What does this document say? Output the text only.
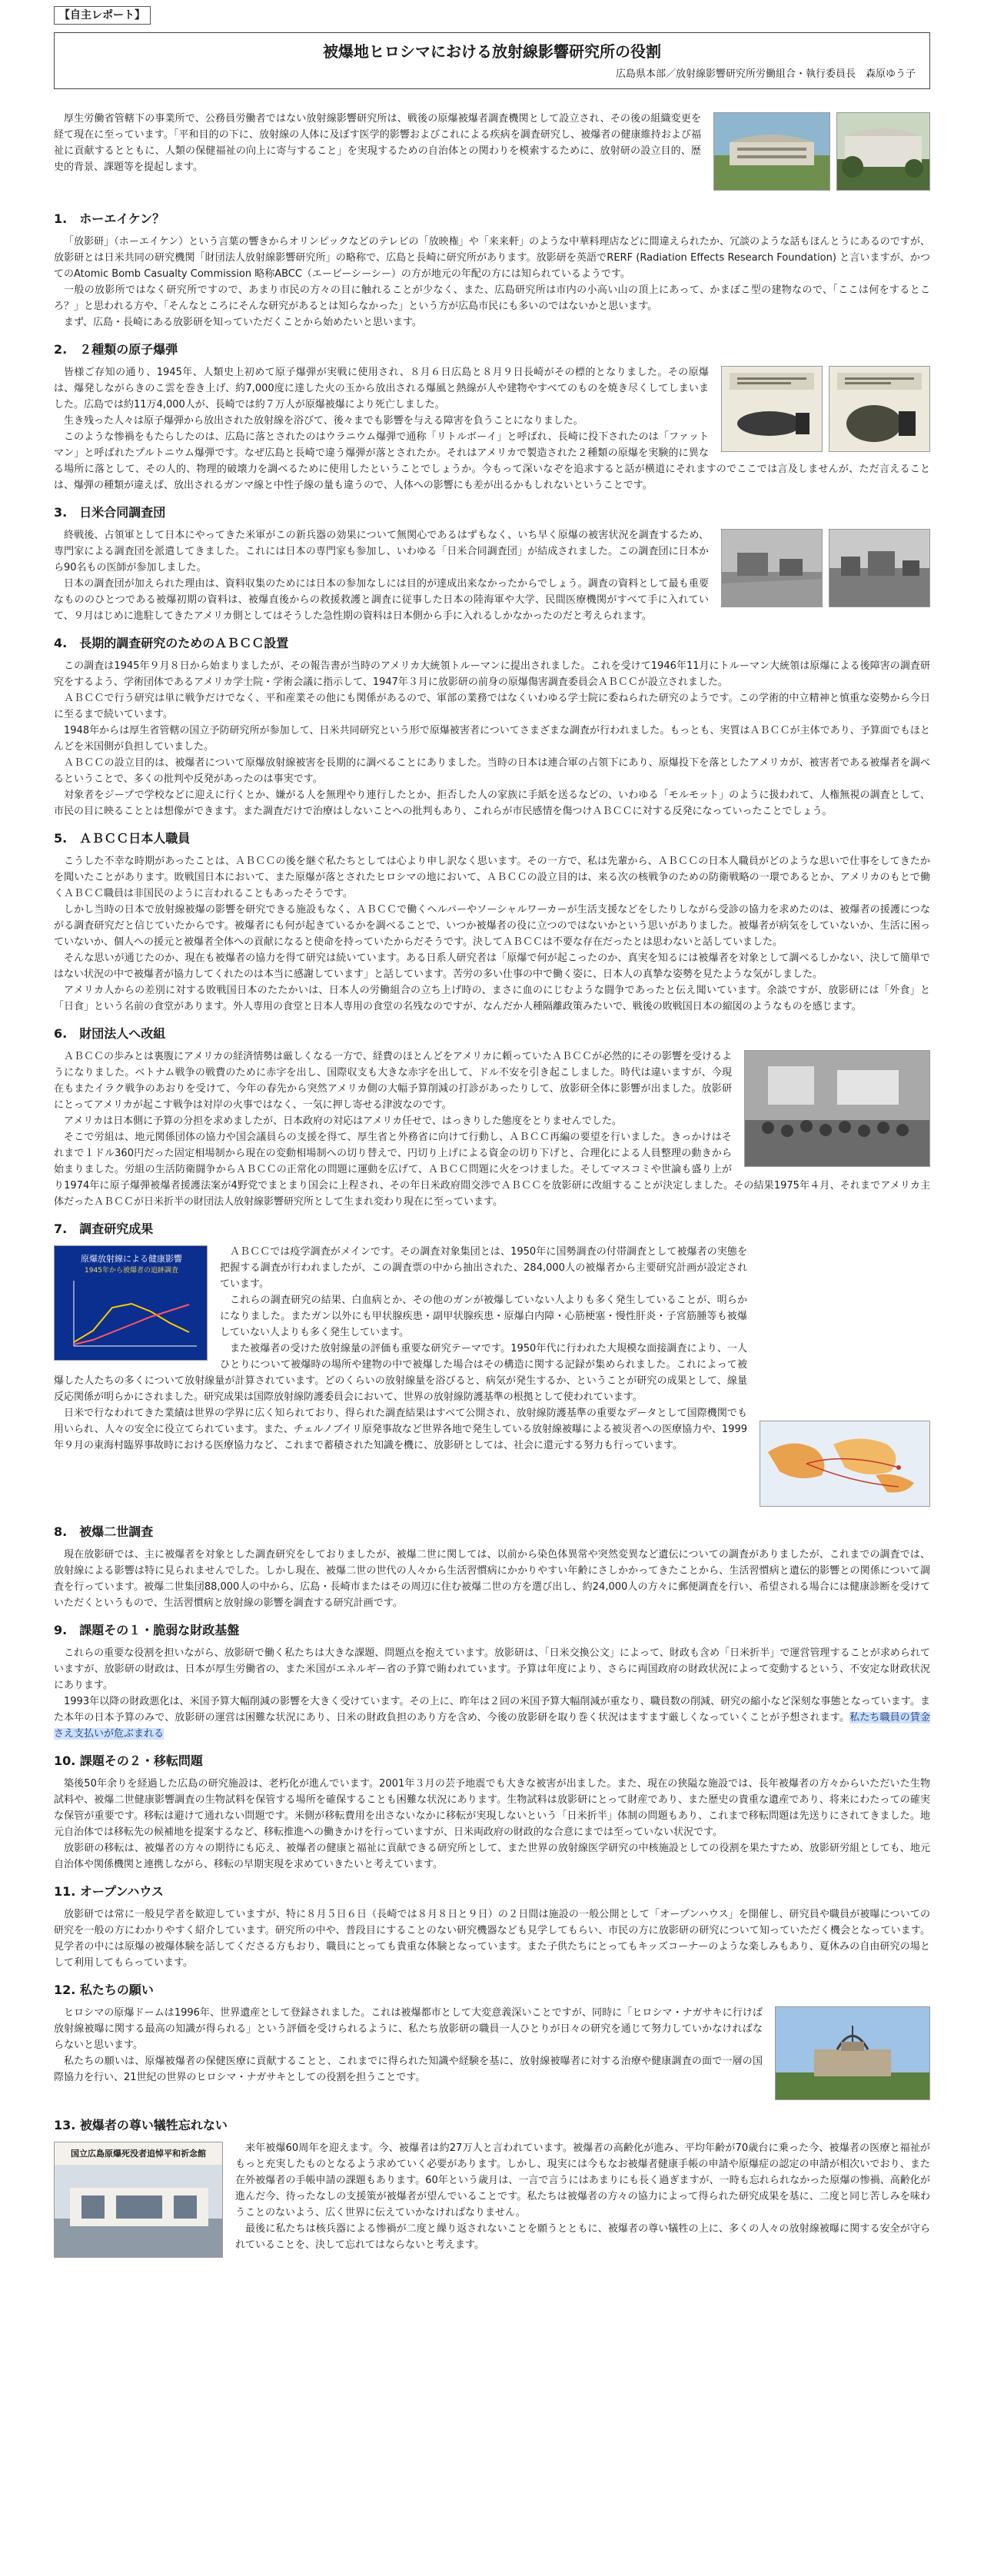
【自主レポート】
被爆地ヒロシマにおける放射線影響研究所の役割
広島県本部／放射線影響研究所労働組合・執行委員長　森原ゆう子

厚生労働省管轄下の事業所で、公務員労働者ではない放射線影響研究所は、戦後の原爆被爆者調査機関として設立され、その後の組織変更を経て現在に至っています。「平和目的の下に、放射線の人体に及ぼす医学的影響およびこれによる疾病を調査研究し、被爆者の健康維持および福祉に貢献するとともに、人類の保健福祉の向上に寄与すること」を実現するための自治体との関わりを模索するために、放射研の設立目的、歴史的背景、課題等を提起します。

1.　ホーエイケン？

「放影研」（ホーエイケン）という言葉の響きからオリンピックなどのテレビの「放映権」や「来来軒」のような中華料理店などに間違えられたか、冗談のような話もほんとうにあるのですが、放影研とは日米共同の研究機関「財団法人放射線影響研究所」の略称で、広島と長崎に研究所があります。放影研を英語でRERF (Radiation Effects Research Foundation) と言いますが、かつてのAtomic Bomb Casualty Commission 略称ABCC（エービーシーシー）の方が地元の年配の方には知られているようです。

一般の放影所ではなく研究所ですので、あまり市民の方々の目に触れることが少なく、また、広島研究所は市内の小高い山の頂上にあって、かまぼこ型の建物なので、「ここは何をするところ？」と思われる方や、「そんなところにそんな研究があるとは知らなかった」という方が広島市民にも多いのではないかと思います。

まず、広島・長崎にある放影研を知っていただくことから始めたいと思います。

2.　２種類の原子爆弾

皆様ご存知の通り、1945年、人類史上初めて原子爆弾が実戦に使用され、８月６日広島と８月９日長崎がその標的となりました。その原爆は、爆発しながらきのこ雲を巻き上げ、約7,000度に達した火の玉から放出される爆風と熱線が人や建物やすべてのものを焼き尽くしてしまいました。広島では約11万4,000人が、長崎では約７万人が原爆被爆により死亡しました。

生き残った人々は原子爆弾から放出された放射線を浴びて、後々までも影響を与える障害を負うことになりました。

このような惨禍をもたらしたのは、広島に落とされたのはウラニウム爆弾で通称「リトルボーイ」と呼ばれ、長崎に投下されたのは「ファットマン」と呼ばれたプルトニウム爆弾です。なぜ広島と長崎で違う爆弾が落とされたか。それはアメリカで製造された２種類の原爆を実験的に異なる場所に落として、その人的、物理的破壊力を調べるために使用したということでしょうか。今もって深いなぞを追求すると話が横道にそれますのでここでは言及しませんが、ただ言えることは、爆弾の種類が違えば、放出されるガンマ線と中性子線の量も違うので、人体への影響にも差が出るかもしれないということです。

3.　日米合同調査団

終戦後、占領軍として日本にやってきた米軍がこの新兵器の効果について無関心であるはずもなく、いち早く原爆の被害状況を調査するため、専門家による調査団を派遣してきました。これには日本の専門家も参加し、いわゆる「日米合同調査団」が結成されました。この調査団に日本から90名もの医師が参加しました。

日本の調査団が加えられた理由は、資料収集のためには日本の参加なしには目的が達成出来なかったからでしょう。調査の資料として最も重要なもののひとつである被爆初期の資料は、被爆直後からの救援救護と調査に従事した日本の陸海軍や大学、民間医療機関がすべて手に入れていて、９月はじめに進駐してきたアメリカ側としてはそうした急性期の資料は日本側から手に入れるしかなかったのだと考えられます。

4.　長期的調査研究のためのＡＢＣＣ設置

この調査は1945年９月８日から始まりましたが、その報告書が当時のアメリカ大統領トルーマンに提出されました。これを受けて1946年11月にトルーマン大統領は原爆による後障害の調査研究をするよう、学術団体であるアメリカ学士院・学術会議に指示して、1947年３月に放影研の前身の原爆傷害調査委員会ＡＢＣＣが設立されました。

ＡＢＣＣで行う研究は単に戦争だけでなく、平和産業その他にも関係があるので、軍部の業務ではなくいわゆる学士院に委ねられた研究のようです。この学術的中立精神と慎重な姿勢から今日に至るまで続いています。

1948年からは厚生省管轄の国立予防研究所が参加して、日米共同研究という形で原爆被害者についてさまざまな調査が行われました。もっとも、実質はＡＢＣＣが主体であり、予算面でもほとんどを米国側が負担していました。

ＡＢＣＣの設立目的は、被爆者について原爆放射線被害を長期的に調べることにありました。当時の日本は連合軍の占領下にあり、原爆投下を落としたアメリカが、被害者である被爆者を調べるということで、多くの批判や反発があったのは事実です。

対象者をジープで学校などに迎えに行くとか、嫌がる人を無理やり連行したとか、拒否した人の家族に手紙を送るなどの、いわゆる「モルモット」のように扱われて、人権無視の調査として、市民の目に映ることとは想像ができます。また調査だけで治療はしないことへの批判もあり、これらが市民感情を傷つけＡＢＣＣに対する反発になっていったことでしょう。

5.　ＡＢＣＣ日本人職員

こうした不幸な時期があったことは、ＡＢＣＣの後を継ぐ私たちとしては心より申し訳なく思います。その一方で、私は先輩から、ＡＢＣＣの日本人職員がどのような思いで仕事をしてきたかを聞いたことがあります。敗戦国日本において、また原爆が落とされたヒロシマの地において、ＡＢＣＣの設立目的は、来る次の核戦争のための防衛戦略の一環であるとか、アメリカのもとで働くＡＢＣＣ職員は非国民のように言われることもあったそうです。

しかし当時の日本で放射線被爆の影響を研究できる施設もなく、ＡＢＣＣで働くヘルパーやソーシャルワーカーが生活支援などをしたりしながら受診の協力を求めたのは、被爆者の援護につながる調査研究だと信じていたからです。被爆者にも何が起きているかを調べることで、いつか被爆者の役に立つのではないかという思いがありました。被爆者が病気をしていないか、生活に困っていないか、個人への援元と被爆者全体への貢献になると使命を持っていたからだそうです。決してＡＢＣＣは不要な存在だったとは思わないと話していました。

そんな思いが通じたのか、現在も被爆者の協力を得て研究は続いています。ある日系人研究者は「原爆で何が起こったのか、真実を知るには被爆者を対象として調べるしかない、決して簡単ではない状況の中で被爆者が協力してくれたのは本当に感謝しています」と話しています。苦労の多い仕事の中で働く姿に、日本人の真摯な姿勢を見たような気がしました。

アメリカ人からの差別に対する敗戦国日本のたたかいは、日本人の労働組合の立ち上げ時の、まさに血のにじむような闘争であったと伝え聞いています。余談ですが、放影研には「外食」と「日食」という名前の食堂があります。外人専用の食堂と日本人専用の食堂の名残なのですが、なんだか人種隔離政策みたいで、戦後の敗戦国日本の縮図のようなものを感じます。

6.　財団法人へ改組

ＡＢＣＣの歩みとは裏腹にアメリカの経済情勢は厳しくなる一方で、経費のほとんどをアメリカに頼っていたＡＢＣＣが必然的にその影響を受けるようになりました。ベトナム戦争の戦費のために赤字を出し、国際収支も大きな赤字を出して、ドル不安を引き起こしました。時代は違いますが、今現在もまたイラク戦争のあおりを受けて、今年の春先から突然アメリカ側の大幅予算削減の打診があったりして、放影研全体に影響が出ました。放影研にとってアメリカが起こす戦争は対岸の火事ではなく、一気に押し寄せる津波なのです。

アメリカは日本側に予算の分担を求めましたが、日本政府の対応はアメリカ任せで、はっきりした態度をとりませんでした。

そこで労組は、地元関係団体の協力や国会議員らの支援を得て、厚生省と外務省に向けて行動し、ＡＢＣＣ再編の要望を行いました。きっかけはそれまで１ドル360円だった固定相場制から現在の変動相場制への切り替えで、円切り上げによる資金の切り下げと、合理化による人員整理の動きから始まりました。労組の生活防衛闘争からＡＢＣＣの正常化の問題に運動を広げて、ＡＢＣＣ問題に火をつけました。そしてマスコミや世論も盛り上がり1974年に原子爆弾被爆者援護法案が4野党でまとまり国会に上程され、その年日米政府間交渉でＡＢＣＣを放影研に改組することが決定しました。その結果1975年４月、それまでアメリカ主体だったＡＢＣＣが日米折半の財団法人放射線影響研究所として生まれ変わり現在に至っています。

7.　調査研究成果
原爆放射線による健康影響
1945年から被爆者の追跡調査

ＡＢＣＣでは疫学調査がメインです。その調査対象集団とは、1950年に国勢調査の付帯調査として被爆者の実態を把握する調査が行われましたが、この調査票の中から抽出された、284,000人の被爆者から主要研究計画が設定されています。

これらの調査研究の結果、白血病とか、その他のガンが被爆していない人よりも多く発生していることが、明らかになりました。またガン以外にも甲状腺疾患・副甲状腺疾患・原爆白内障・心筋梗塞・慢性肝炎・子宮筋腫等も被爆していない人よりも多く発生しています。

また被爆者の受けた放射線量の評価も重要な研究テーマです。1950年代に行われた大規模な面接調査により、一人ひとりについて被爆時の場所や建物の中で被爆した場合はその構造に関する記録が集められました。これによって被爆した人たちの多くについて放射線量が計算されています。どのくらいの放射線量を浴びると、病気が発生するか、ということが研究の成果として、線量反応関係が明らかにされました。研究成果は国際放射線防護委員会において、世界の放射線防護基準の根拠として使われています。

日米で行なわれてきた業績は世界の学界に広く知られており、得られた調査結果はすべて公開され、放射線防護基準の重要なデータとして国際機関でも用いられ、人々の安全に役立てられています。また、チェルノブイリ原発事故など世界各地で発生している放射線被曝による被災者への医療協力や、1999年９月の東海村臨界事故時における医療協力など、これまで蓄積された知識を機に、放影研としては、社会に還元する努力も行っています。

8.　被爆二世調査

現在放影研では、主に被爆者を対象とした調査研究をしておりましたが、被爆二世に関しては、以前から染色体異常や突然変異など遺伝についての調査がありましたが、これまでの調査では、放射線による影響は特に見られませんでした。しかし現在、被爆二世の世代の人々から生活習慣病にかかりやすい年齢にさしかかってきたことから、生活習慣病と遺伝的影響との関係について調査を行っています。被爆二世集団88,000人の中から、広島・長崎市またはその周辺に住む被爆二世の方を選び出し、約24,000人の方々に郵便調査を行い、希望される場合には健康診断を受けていただくというもので、生活習慣病と放射線の影響を調査する研究計画です。

9.　課題その１・脆弱な財政基盤

これらの重要な役割を担いながら、放影研で働く私たちは大きな課題、問題点を抱えています。放影研は、「日米交換公文」によって、財政も含め「日米折半」で運営管理することが求められていますが、放影研の財政は、日本が厚生労働省の、また米国がエネルギー省の予算で賄われています。予算は年度により、さらに両国政府の財政状況によって変動するという、不安定な財政状況にあります。

1993年以降の財政悪化は、米国予算大幅削減の影響を大きく受けています。その上に、昨年は２回の米国予算大幅削減が重なり、職員数の削減、研究の縮小など深刻な事態となっています。また本年の日本予算のみで、放影研の運営は困難な状況にあり、日米の財政負担のあり方を含め、今後の放影研を取り巻く状況はますます厳しくなっていくことが予想されます。私たち職員の賃金さえ支払いが危ぶまれる

10. 課題その２・移転問題

築後50年余りを経過した広島の研究施設は、老朽化が進んでいます。2001年３月の芸予地震でも大きな被害が出ました。また、現在の狭隘な施設では、長年被爆者の方々からいただいた生物試料や、被爆二世健康影響調査の生物試料を保管する場所を確保することも困難な状況にあります。生物試料は放影研にとって財産であり、また歴史の貴重な遺産であり、将来にわたっての確実な保管が重要です。移転は避けて通れない問題です。米側が移転費用を出さないなかに移転が実現しないという「日米折半」体制の問題もあり、これまで移転問題は先送りにされてきました。地元自治体では移転先の候補地を提案するなど、移転推進への働きかけを行っていますが、日米両政府の財政的な合意にまでは至っていない状況です。

放影研の移転は、被爆者の方々の期待にも応え、被爆者の健康と福祉に貢献できる研究所として、また世界の放射線医学研究の中核施設としての役割を果たすため、放影研労組としても、地元自治体や関係機関と連携しながら、移転の早期実現を求めていきたいと考えています。

11. オープンハウス

放影研では常に一般見学者を歓迎していますが、特に８月５日６日（長崎では８月８日と９日）の２日間は施設の一般公開として「オープンハウス」を開催し、研究員や職員が被曝についての研究を一般の方にわかりやすく紹介しています。研究所の中や、普段目にすることのない研究機器なども見学してもらい、市民の方に放影研の研究について知っていただく機会となっています。見学者の中には原爆の被爆体験を話してくださる方もおり、職員にとっても貴重な体験となっています。また子供たちにとってもキッズコーナーのような楽しみもあり、夏休みの自由研究の場として利用してもらっています。

12. 私たちの願い

ヒロシマの原爆ドームは1996年、世界遺産として登録されました。これは被爆都市として大変意義深いことですが、同時に「ヒロシマ・ナガサキに行けば放射線被曝に関する最高の知識が得られる」という評価を受けられるように、私たち放影研の職員一人ひとりが日々の研究を通じて努力していかなければならないと思います。

私たちの願いは、原爆被爆者の保健医療に貢献することと、これまでに得られた知識や経験を基に、放射線被曝者に対する治療や健康調査の面で一層の国際協力を行い、21世紀の世界のヒロシマ・ナガサキとしての役割を担うことです。

13. 被爆者の尊い犠牲忘れない
国立広島原爆死没者追悼平和祈念館	来年被爆60周年を迎えます。今、被爆者は約27万人と言われています。被爆者の高齢化が進み、平均年齢が70歳台に乗った今、被爆者の医療と福祉がもっと充実したものとなるよう求めていく必要があります。しかし、現実には今もなお被爆者健康手帳の申請や原爆症の認定の申請が相次いでおり、また在外被爆者の手帳申請の課題もあります。60年という歳月は、一言で言うにはあまりにも長く過ぎますが、一時も忘れられなかった原爆の惨禍、高齢化が進んだ今、待ったなしの支援策が被爆者が望んでいることです。私たちは被爆者の方々の協力によって得られた研究成果を基に、二度と同じ苦しみを味わうことのないよう、広く世界に伝えていかなければなりません。

最後に私たちは核兵器による惨禍が二度と繰り返されないことを願うとともに、被爆者の尊い犠牲の上に、多くの人々の放射線被曝に関する安全が守られていることを、決して忘れてはならないと考えます。
